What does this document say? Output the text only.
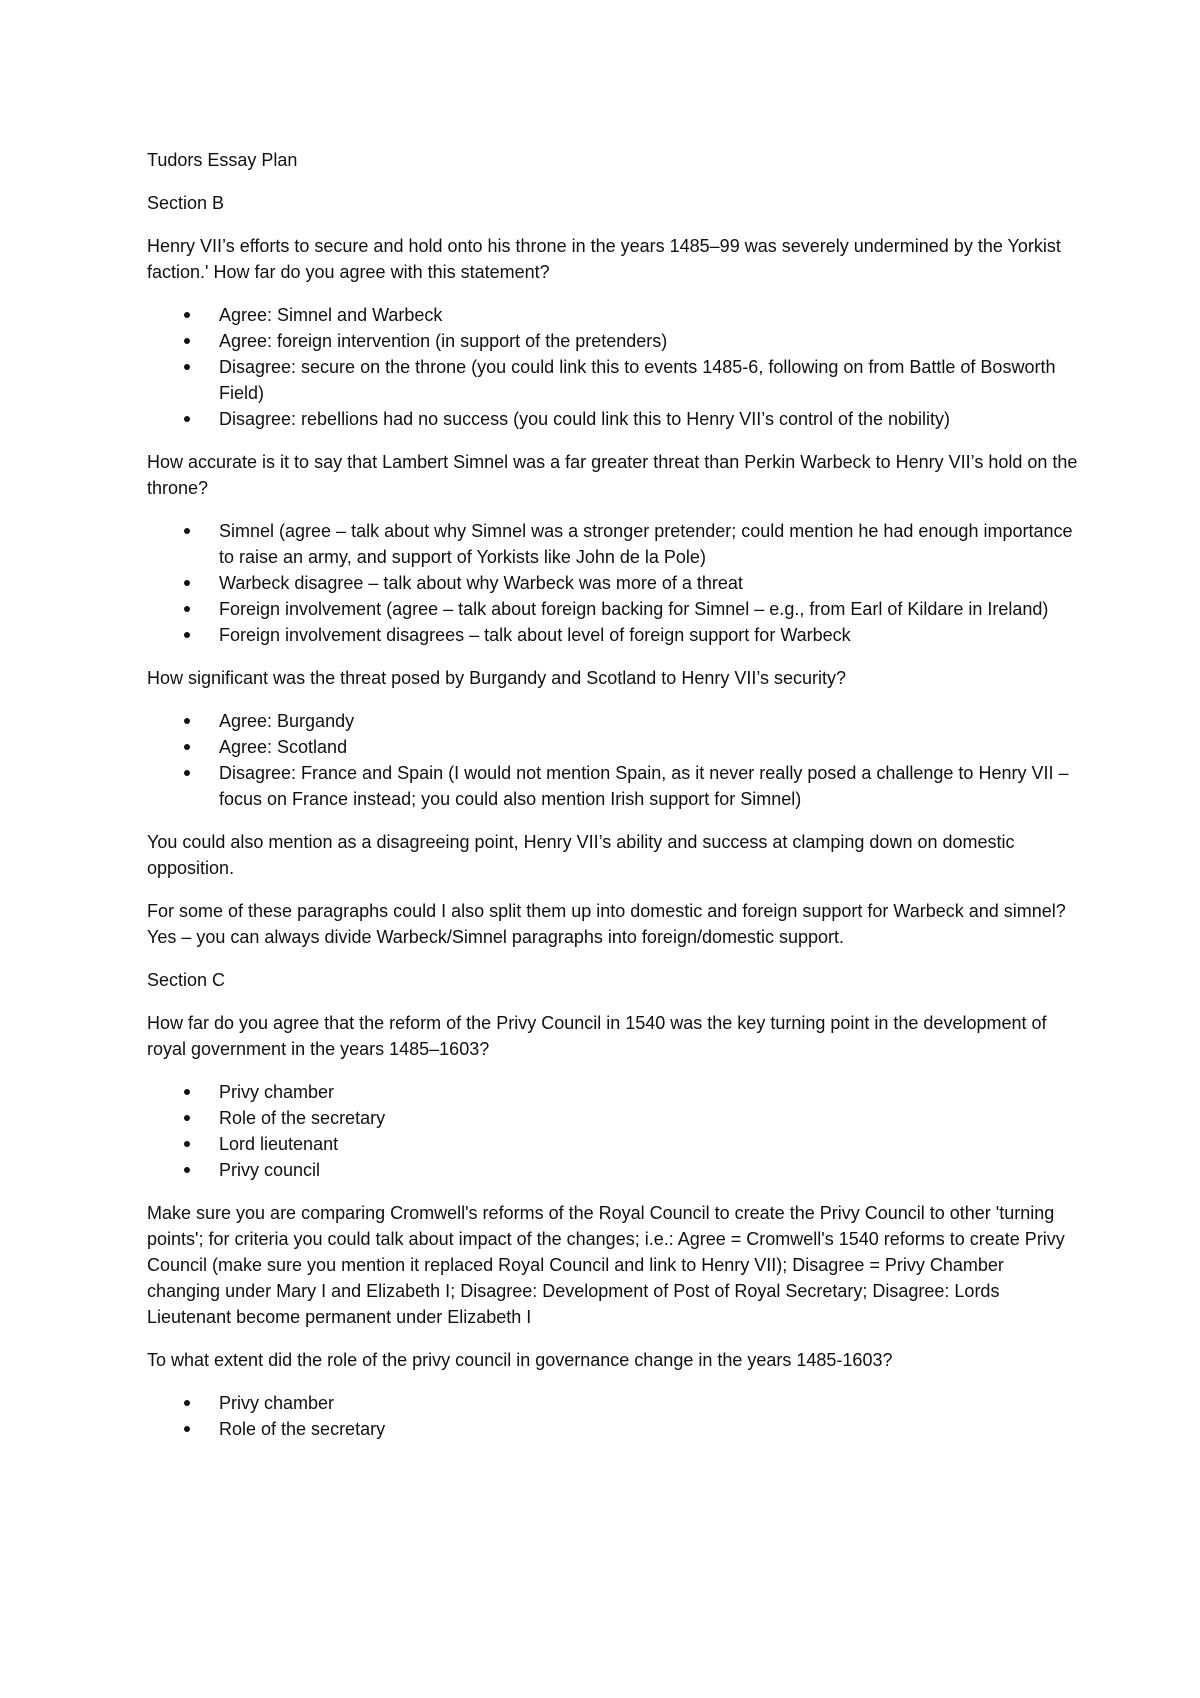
Tudors Essay Plan

Section B

Henry VII’s efforts to secure and hold onto his throne in the years 1485–99 was severely undermined by the Yorkist faction.' How far do you agree with this statement?

Agree: Simnel and Warbeck
Agree: foreign intervention (in support of the pretenders)
Disagree: secure on the throne (you could link this to events 1485-6, following on from Battle of Bosworth Field)
Disagree: rebellions had no success (you could link this to Henry VII’s control of the nobility)

How accurate is it to say that Lambert Simnel was a far greater threat than Perkin Warbeck to Henry VII’s hold on the throne?

Simnel (agree – talk about why Simnel was a stronger pretender; could mention he had enough importance to raise an army, and support of Yorkists like John de la Pole)
Warbeck disagree – talk about why Warbeck was more of a threat
Foreign involvement (agree – talk about foreign backing for Simnel – e.g., from Earl of Kildare in Ireland)
Foreign involvement disagrees – talk about level of foreign support for Warbeck

How significant was the threat posed by Burgandy and Scotland to Henry VII’s security?

Agree: Burgandy
Agree: Scotland
Disagree: France and Spain (I would not mention Spain, as it never really posed a challenge to Henry VII – focus on France instead; you could also mention Irish support for Simnel)

You could also mention as a disagreeing point, Henry VII’s ability and success at clamping down on domestic opposition.

For some of these paragraphs could I also split them up into domestic and foreign support for Warbeck and simnel? Yes – you can always divide Warbeck/Simnel paragraphs into foreign/domestic support.

Section C

How far do you agree that the reform of the Privy Council in 1540 was the key turning point in the development of royal government in the years 1485–1603?

Privy chamber
Role of the secretary
Lord lieutenant
Privy council

Make sure you are comparing Cromwell's reforms of the Royal Council to create the Privy Council to other 'turning points'; for criteria you could talk about impact of the changes; i.e.: Agree = Cromwell's 1540 reforms to create Privy Council (make sure you mention it replaced Royal Council and link to Henry VII); Disagree = Privy Chamber changing under Mary I and Elizabeth I; Disagree: Development of Post of Royal Secretary; Disagree: Lords Lieutenant become permanent under Elizabeth I

To what extent did the role of the privy council in governance change in the years 1485-1603?

Privy chamber
Role of the secretary
